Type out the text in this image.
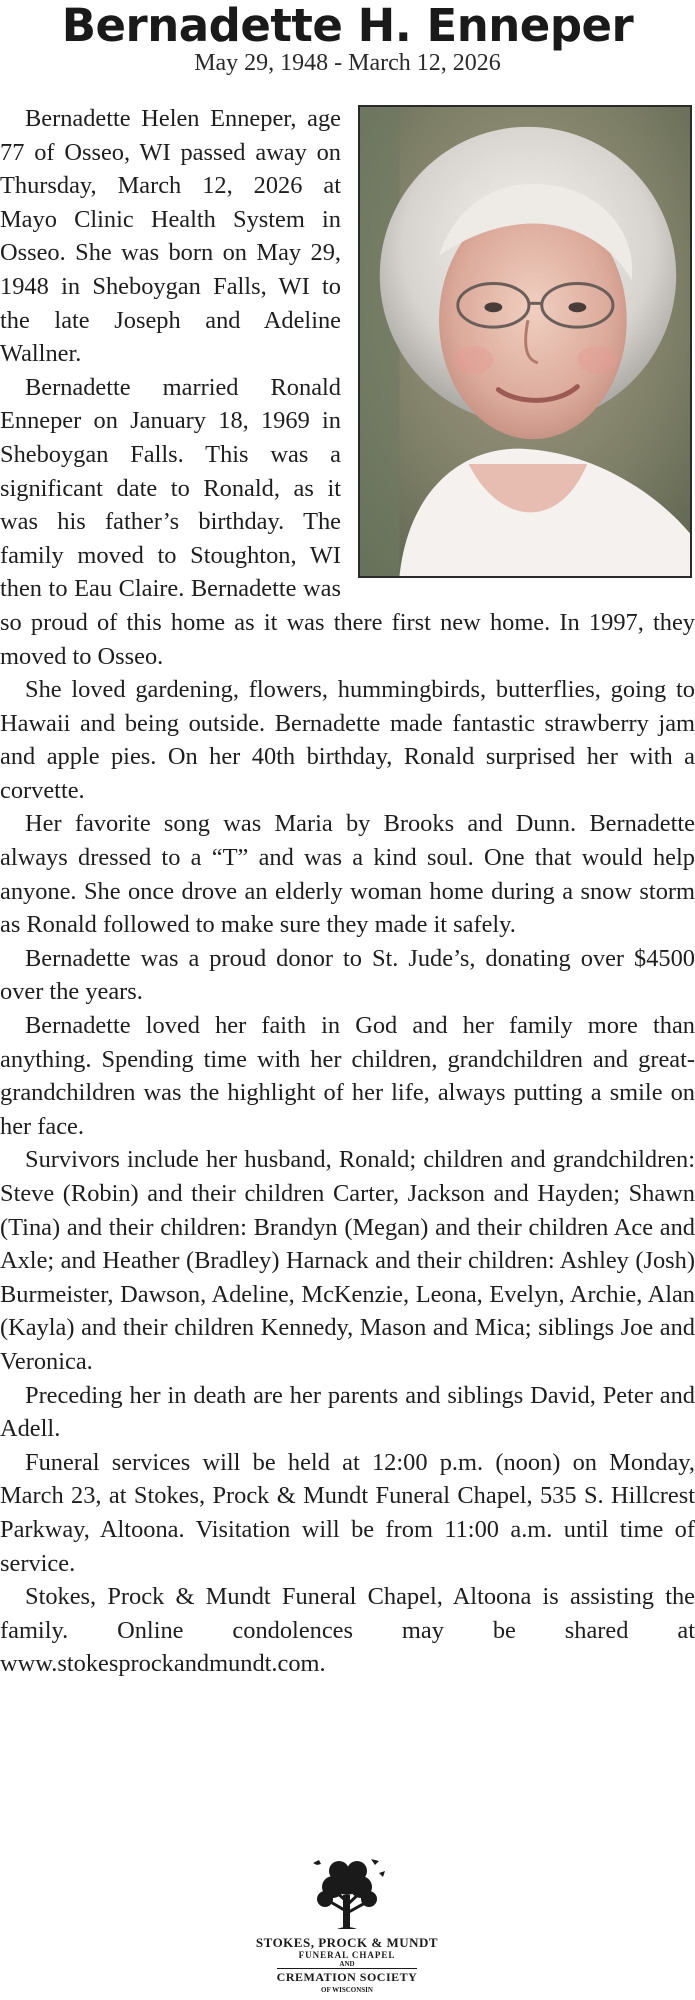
Bernadette H. Enneper
May 29, 1948 - March 12, 2026

Bernadette Helen Enneper, age 77 of Osseo, WI passed away on Thursday, March 12, 2026 at Mayo Clinic Health System in Osseo. She was born on May 29, 1948 in Sheboygan Falls, WI to the late Joseph and Adeline Wallner.

Bernadette married Ronald Enneper on January 18, 1969 in Sheboygan Falls. This was a significant date to Ronald, as it was his father’s birthday. The family moved to Stoughton, WI then to Eau Claire. Bernadette was so proud of this home as it was there first new home. In 1997, they moved to Osseo.

She loved gardening, flowers, hummingbirds, butterflies, going to Hawaii and being outside. Bernadette made fantastic strawberry jam and apple pies. On her 40th birthday, Ronald surprised her with a corvette.

Her favorite song was Maria by Brooks and Dunn. Bernadette always dressed to a “T” and was a kind soul. One that would help anyone. She once drove an elderly woman home during a snow storm as Ronald followed to make sure they made it safely.

Bernadette was a proud donor to St. Jude’s, donating over $4500 over the years.

Bernadette loved her faith in God and her family more than anything. Spending time with her children, grandchildren and great-grandchildren was the highlight of her life, always putting a smile on her face.

Survivors include her husband, Ronald; children and grandchildren: Steve (Robin) and their children Carter, Jackson and Hayden; Shawn (Tina) and their children: Brandyn (Megan) and their children Ace and Axle; and Heather (Bradley) Harnack and their children: Ashley (Josh) Burmeister, Dawson, Adeline, McKenzie, Leona, Evelyn, Archie, Alan (Kayla) and their children Kennedy, Mason and Mica; siblings Joe and Veronica.

Preceding her in death are her parents and siblings David, Peter and Adell.

Funeral services will be held at 12:00 p.m. (noon) on Monday, March 23, at Stokes, Prock & Mundt Funeral Chapel, 535 S. Hillcrest Parkway, Altoona. Visitation will be from 11:00 a.m. until time of service.

Stokes, Prock & Mundt Funeral Chapel, Altoona is assisting the family. Online condolences may be shared at www.stokesprockandmundt.com.

STOKES, PROCK & MUNDT
FUNERAL CHAPEL
AND
CREMATION SOCIETY
OF WISCONSIN
